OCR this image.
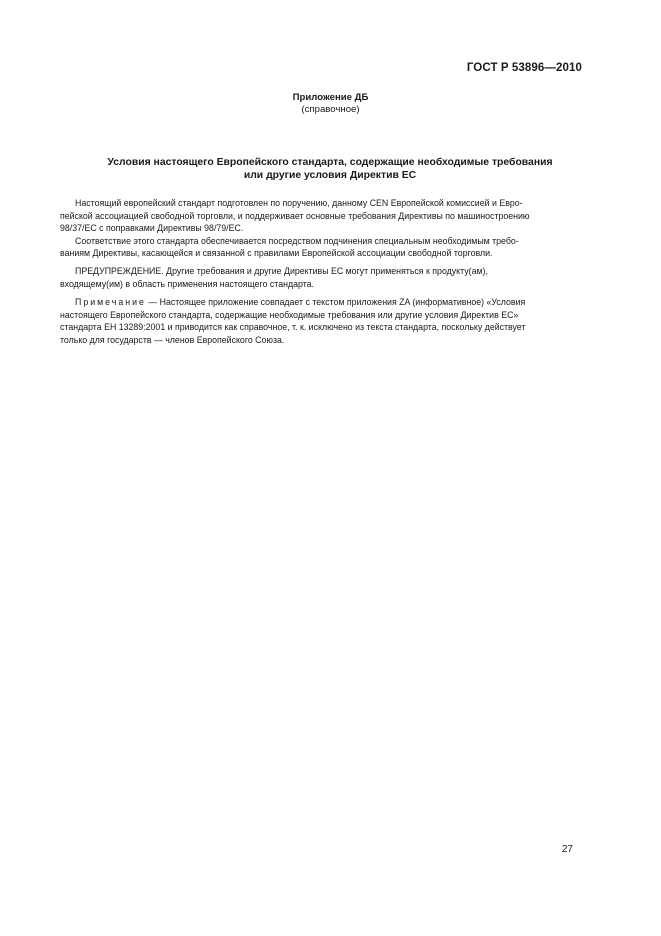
ГОСТ Р 53896—2010
Приложение ДБ
(справочное)
Условия настоящего Европейского стандарта, содержащие необходимые требования
или другие условия Директив ЕС
Настоящий европейский стандарт подготовлен по поручению, данному CEN Европейской комиссией и Евро-
пейской ассоциацией свободной торговли, и поддерживает основные требования Директивы по машиностроению
98/37/ЕС с поправками Директивы 98/79/ЕС.
Соответствие этого стандарта обеспечивается посредством подчинения специальным необходимым требо-
ваниям Директивы, касающейся и связанной с правилами Европейской ассоциации свободной торговли.
ПРЕДУПРЕЖДЕНИЕ. Другие требования и другие Директивы ЕС могут применяться к продукту(ам),
входящему(им) в область применения настоящего стандарта.
Примечание — Настоящее приложение совпадает с текстом приложения ZA (информативное) «Условия
настоящего Европейского стандарта, содержащие необходимые требования или другие условия Директив ЕС»
стандарта ЕН 13289:2001 и приводится как справочное, т. к. исключено из текста стандарта, поскольку действует
только для государств — членов Европейского Союза.
27
